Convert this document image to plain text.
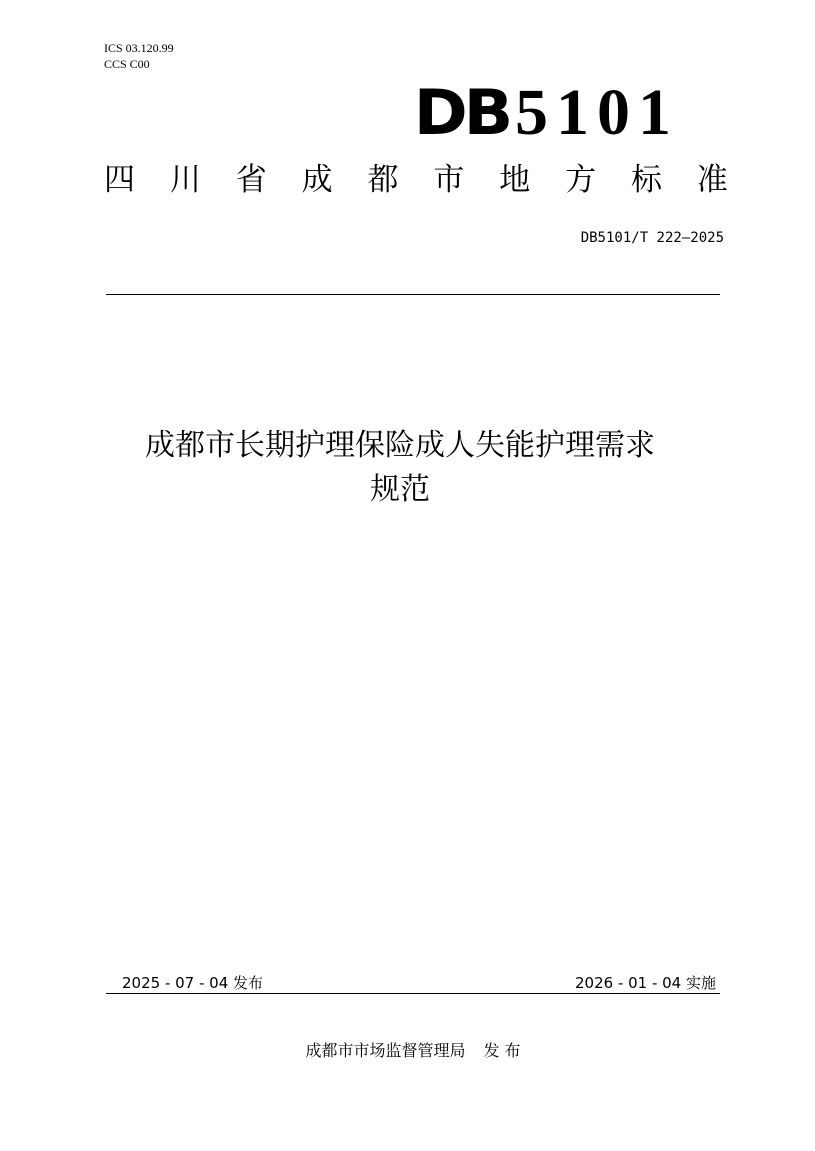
ICS 03.120.99
CCS C00
DB 5101
四 川 省 成 都 市 地 方 标 准
DB5101/T 222—2025
成都市长期护理保险成人失能护理需求
规范
2025 - 07 - 04 发布	2026 - 01 - 04 实施
成都市市场监督管理局 发 布
